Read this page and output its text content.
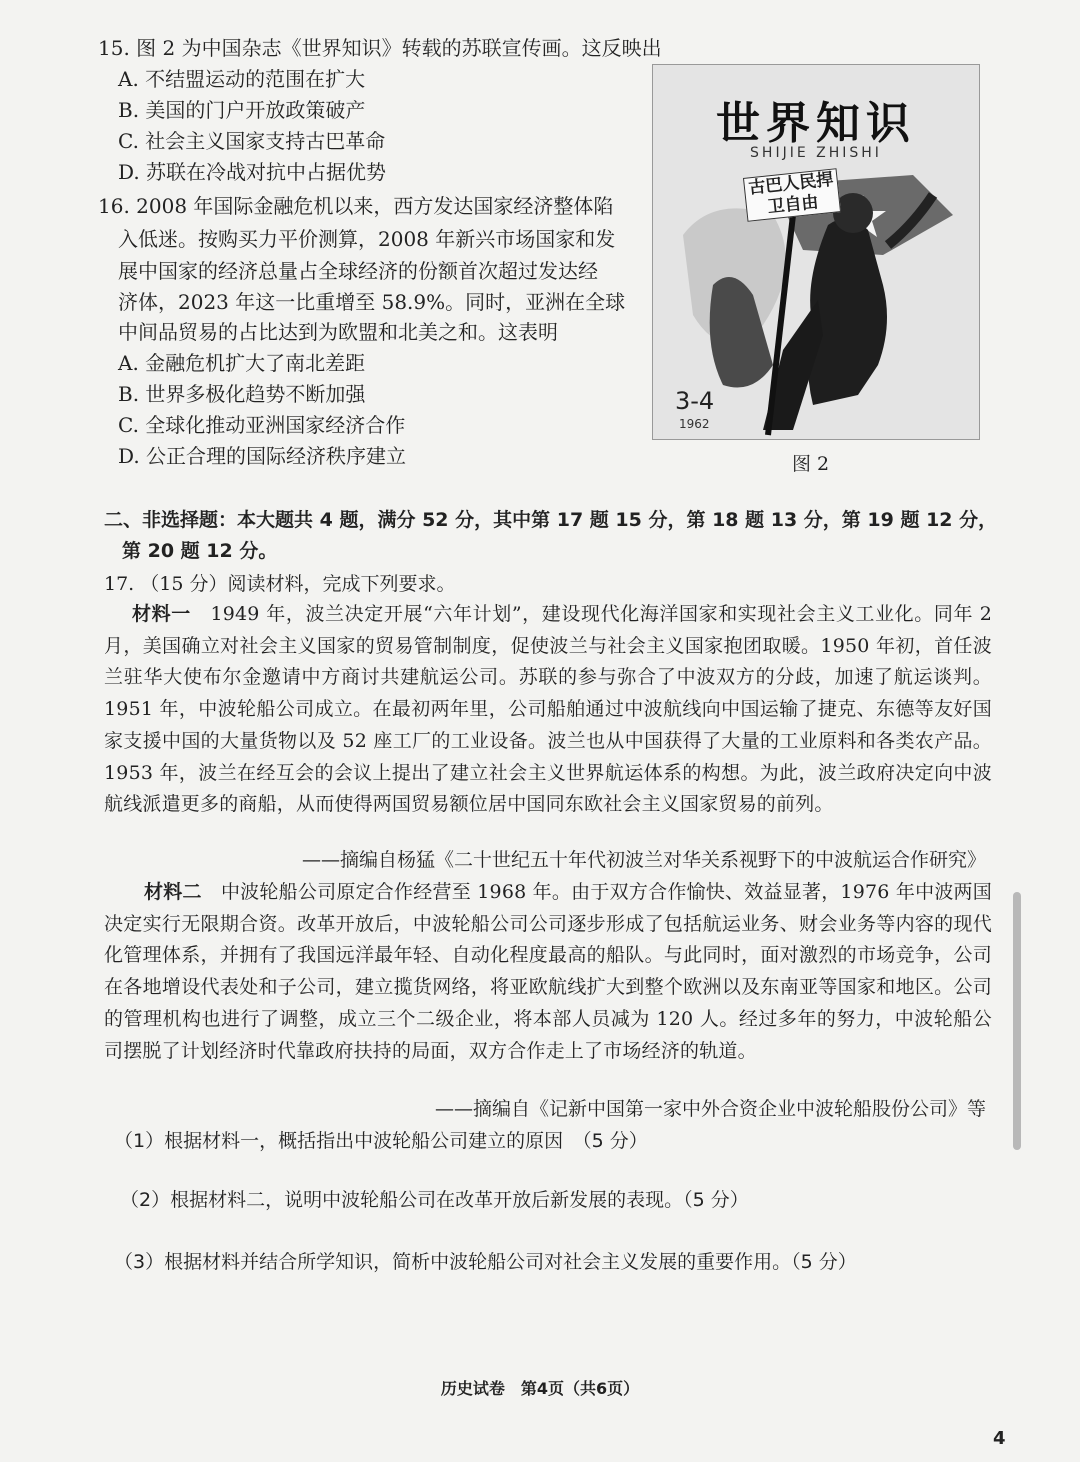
15. 图 2 为中国杂志《世界知识》转载的苏联宣传画。这反映出
A. 不结盟运动的范围在扩大
B. 美国的门户开放政策破产
C. 社会主义国家支持古巴革命
D. 苏联在冷战对抗中占据优势
16. 2008 年国际金融危机以来，西方发达国家经济整体陷
入低迷。按购买力平价测算，2008 年新兴市场国家和发
展中国家的经济总量占全球经济的份额首次超过发达经
济体，2023 年这一比重增至 58.9%。同时，亚洲在全球
中间品贸易的占比达到为欧盟和北美之和。这表明
A. 金融危机扩大了南北差距
B. 世界多极化趋势不断加强
C. 全球化推动亚洲国家经济合作
D. 公正合理的国际经济秩序建立
世界知识
SHIJIE ZHISHI
古巴人民捍卫自由
3-4
1962
图 2
二、非选择题：本大题共 4 题，满分 52 分，其中第 17 题 15 分，第 18 题 13 分，第 19 题 12 分，
第 20 题 12 分。
17. （15 分）阅读材料，完成下列要求。
材料一　 1949 年，波兰决定开展“六年计划”，建设现代化海洋国家和实现社会主义工业化。同年 2 月，美国确立对社会主义国家的贸易管制制度，促使波兰与社会主义国家抱团取暖。1950 年初，首任波兰驻华大使布尔金邀请中方商讨共建航运公司。苏联的参与弥合了中波双方的分歧，加速了航运谈判。1951 年，中波轮船公司成立。在最初两年里，公司船舶通过中波航线向中国运输了捷克、东德等友好国家支援中国的大量货物以及 52 座工厂的工业设备。波兰也从中国获得了大量的工业原料和各类农产品。1953 年，波兰在经互会的会议上提出了建立社会主义世界航运体系的构想。为此，波兰政府决定向中波航线派遣更多的商船，从而使得两国贸易额位居中国同东欧社会主义国家贸易的前列。
——摘编自杨猛《二十世纪五十年代初波兰对华关系视野下的中波航运合作研究》
材料二　 中波轮船公司原定合作经营至 1968 年。由于双方合作愉快、效益显著，1976 年中波两国决定实行无限期合资。改革开放后，中波轮船公司公司逐步形成了包括航运业务、财会业务等内容的现代化管理体系，并拥有了我国远洋最年轻、自动化程度最高的船队。与此同时，面对激烈的市场竞争，公司在各地增设代表处和子公司，建立揽货网络，将亚欧航线扩大到整个欧洲以及东南亚等国家和地区。公司的管理机构也进行了调整，成立三个二级企业，将本部人员减为 120 人。经过多年的努力，中波轮船公司摆脱了计划经济时代靠政府扶持的局面，双方合作走上了市场经济的轨道。
——摘编自《记新中国第一家中外合资企业中波轮船股份公司》等
（1）根据材料一，概括指出中波轮船公司建立的原因　（5 分）
（2）根据材料二，说明中波轮船公司在改革开放后新发展的表现。（5 分）
（3）根据材料并结合所学知识，简析中波轮船公司对社会主义发展的重要作用。（5 分）
历史试卷　第4页（共6页）
4
